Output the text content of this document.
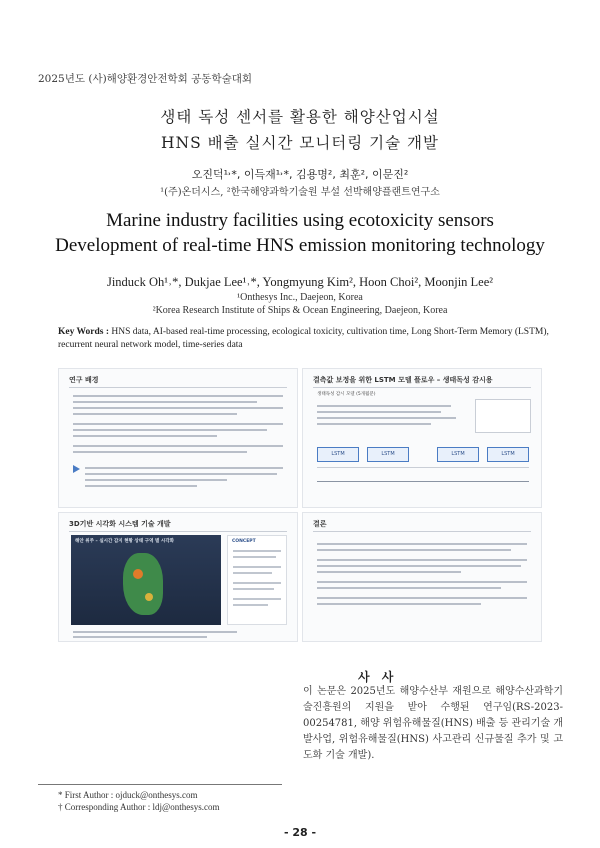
2025년도 (사)해양환경안전학회 공동학술대회
생태 독성 센서를 활용한 해양산업시설
HNS 배출 실시간 모니터링 기술 개발
오진덕¹˒*, 이득재¹˒*, 김용명², 최훈², 이문진²
¹(주)온더시스, ²한국해양과학기술원 부설 선박해양플랜트연구소
Marine industry facilities using ecotoxicity sensors
Development of real-time HNS emission monitoring technology
Jinduck Oh¹˒*, Dukjae Lee¹˒*, Yongmyung Kim², Hoon Choi², Moonjin Lee²
¹Onthesys Inc., Daejeon, Korea
²Korea Research Institute of Ships & Ocean Engineering, Daejeon, Korea
Key Words : HNS data, AI-based real-time processing, ecological toxicity, cultivation time, Long Short-Term Memory (LSTM), recurrent neural network model, time-series data
연구 배경	결측값 보정을 위한 LSTM 모델 플로우 – 생태독성 감시용
생태독성 감시 모델 (5개월분)
LSTM	LSTM	LSTM	LSTM
3D기반 시각화 시스템 기술 개발
해안 위주 – 실시간 감지 현황 상태 구역 별 시각화	CONCEPT
결론
사 사
이 논문은 2025년도 해양수산부 재원으로 해양수산과학기술진흥원의 지원을 받아 수행된 연구임(RS-2023-00254781, 해양 위험유해물질(HNS) 배출 등 관리기술 개발사업, 위험유해물질(HNS) 사고관리 신규물질 추가 및 고도화 기술 개발).
* First Author : ojduck@onthesys.com
† Corresponding Author : ldj@onthesys.com
- 28 -
